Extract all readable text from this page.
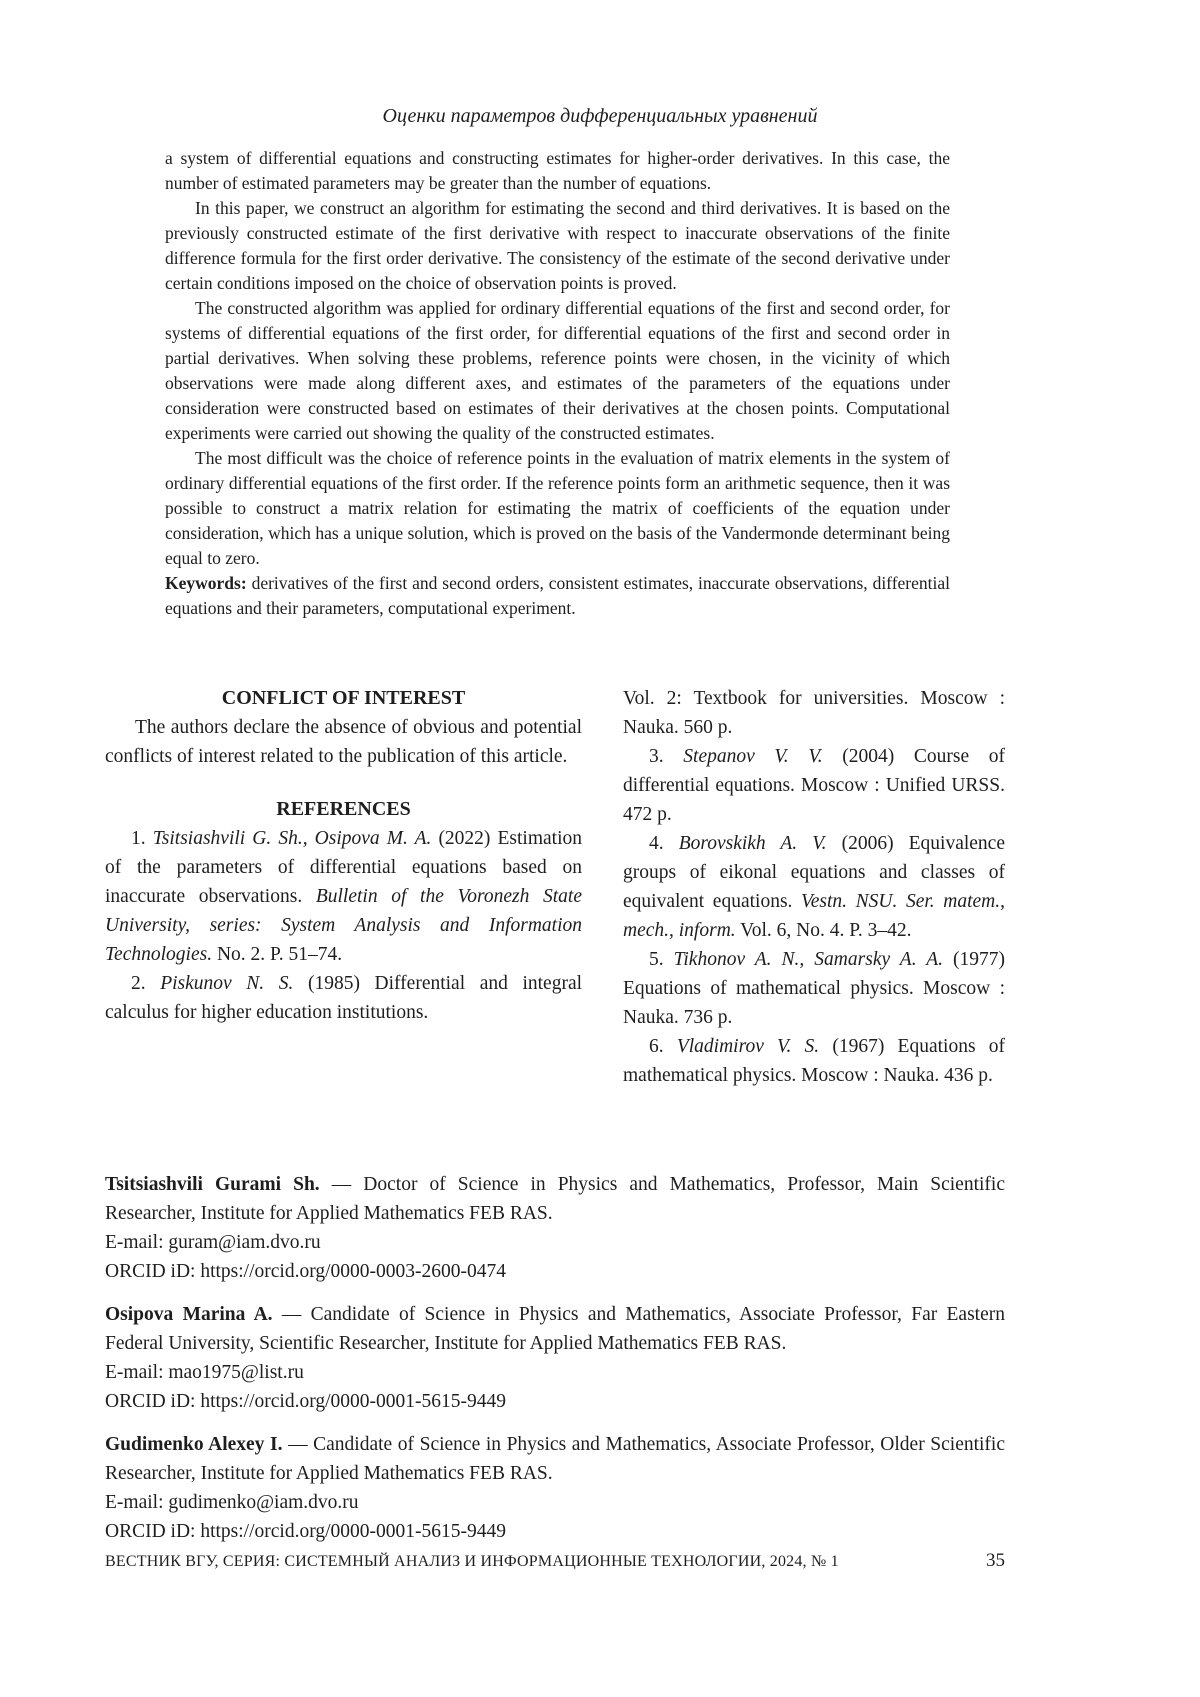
Оценки параметров дифференциальных уравнений

a system of differential equations and constructing estimates for higher-order derivatives. In this case, the number of estimated parameters may be greater than the number of equations.

In this paper, we construct an algorithm for estimating the second and third derivatives. It is based on the previously constructed estimate of the first derivative with respect to inaccurate observations of the finite difference formula for the first order derivative. The consistency of the estimate of the second derivative under certain conditions imposed on the choice of observation points is proved.

The constructed algorithm was applied for ordinary differential equations of the first and second order, for systems of differential equations of the first order, for differential equations of the first and second order in partial derivatives. When solving these problems, reference points were chosen, in the vicinity of which observations were made along different axes, and estimates of the parameters of the equations under consideration were constructed based on estimates of their derivatives at the chosen points. Computational experiments were carried out showing the quality of the constructed estimates.

The most difficult was the choice of reference points in the evaluation of matrix elements in the system of ordinary differential equations of the first order. If the reference points form an arithmetic sequence, then it was possible to construct a matrix relation for estimating the matrix of coefficients of the equation under consideration, which has a unique solution, which is proved on the basis of the Vandermonde determinant being equal to zero.

Keywords: derivatives of the first and second orders, consistent estimates, inaccurate observations, differential equations and their parameters, computational experiment.

CONFLICT OF INTEREST

The authors declare the absence of obvious and potential conflicts of interest related to the publication of this article.

REFERENCES

1. Tsitsiashvili G. Sh., Osipova M. A. (2022) Estimation of the parameters of differential equations based on inaccurate observations. Bulletin of the Voronezh State University, series: System Analysis and Information Technologies. No. 2. P. 51–74.

2. Piskunov N. S. (1985) Differential and integral calculus for higher education institutions.

Vol. 2: Textbook for universities. Moscow : Nauka. 560 p.

3. Stepanov V. V. (2004) Course of differential equations. Moscow : Unified URSS. 472 p.

4. Borovskikh A. V. (2006) Equivalence groups of eikonal equations and classes of equivalent equations. Vestn. NSU. Ser. matem., mech., inform. Vol. 6, No. 4. P. 3–42.

5. Tikhonov A. N., Samarsky A. A. (1977) Equations of mathematical physics. Moscow : Nauka. 736 p.

6. Vladimirov V. S. (1967) Equations of mathematical physics. Moscow : Nauka. 436 p.

Tsitsiashvili Gurami Sh. — Doctor of Science in Physics and Mathematics, Professor, Main Scientific Researcher, Institute for Applied Mathematics FEB RAS.

E-mail: guram@iam.dvo.ru

ORCID iD: https://orcid.org/0000-0003-2600-0474

Osipova Marina A. — Candidate of Science in Physics and Mathematics, Associate Professor, Far Eastern Federal University, Scientific Researcher, Institute for Applied Mathematics FEB RAS.

E-mail: mao1975@list.ru

ORCID iD: https://orcid.org/0000-0001-5615-9449

Gudimenko Alexey I. — Candidate of Science in Physics and Mathematics, Associate Professor, Older Scientific Researcher, Institute for Applied Mathematics FEB RAS.

E-mail: gudimenko@iam.dvo.ru

ORCID iD: https://orcid.org/0000-0001-5615-9449

ВЕСТНИК ВГУ, СЕРИЯ: СИСТЕМНЫЙ АНАЛИЗ И ИНФОРМАЦИОННЫЕ ТЕХНОЛОГИИ, 2024, № 1	35
